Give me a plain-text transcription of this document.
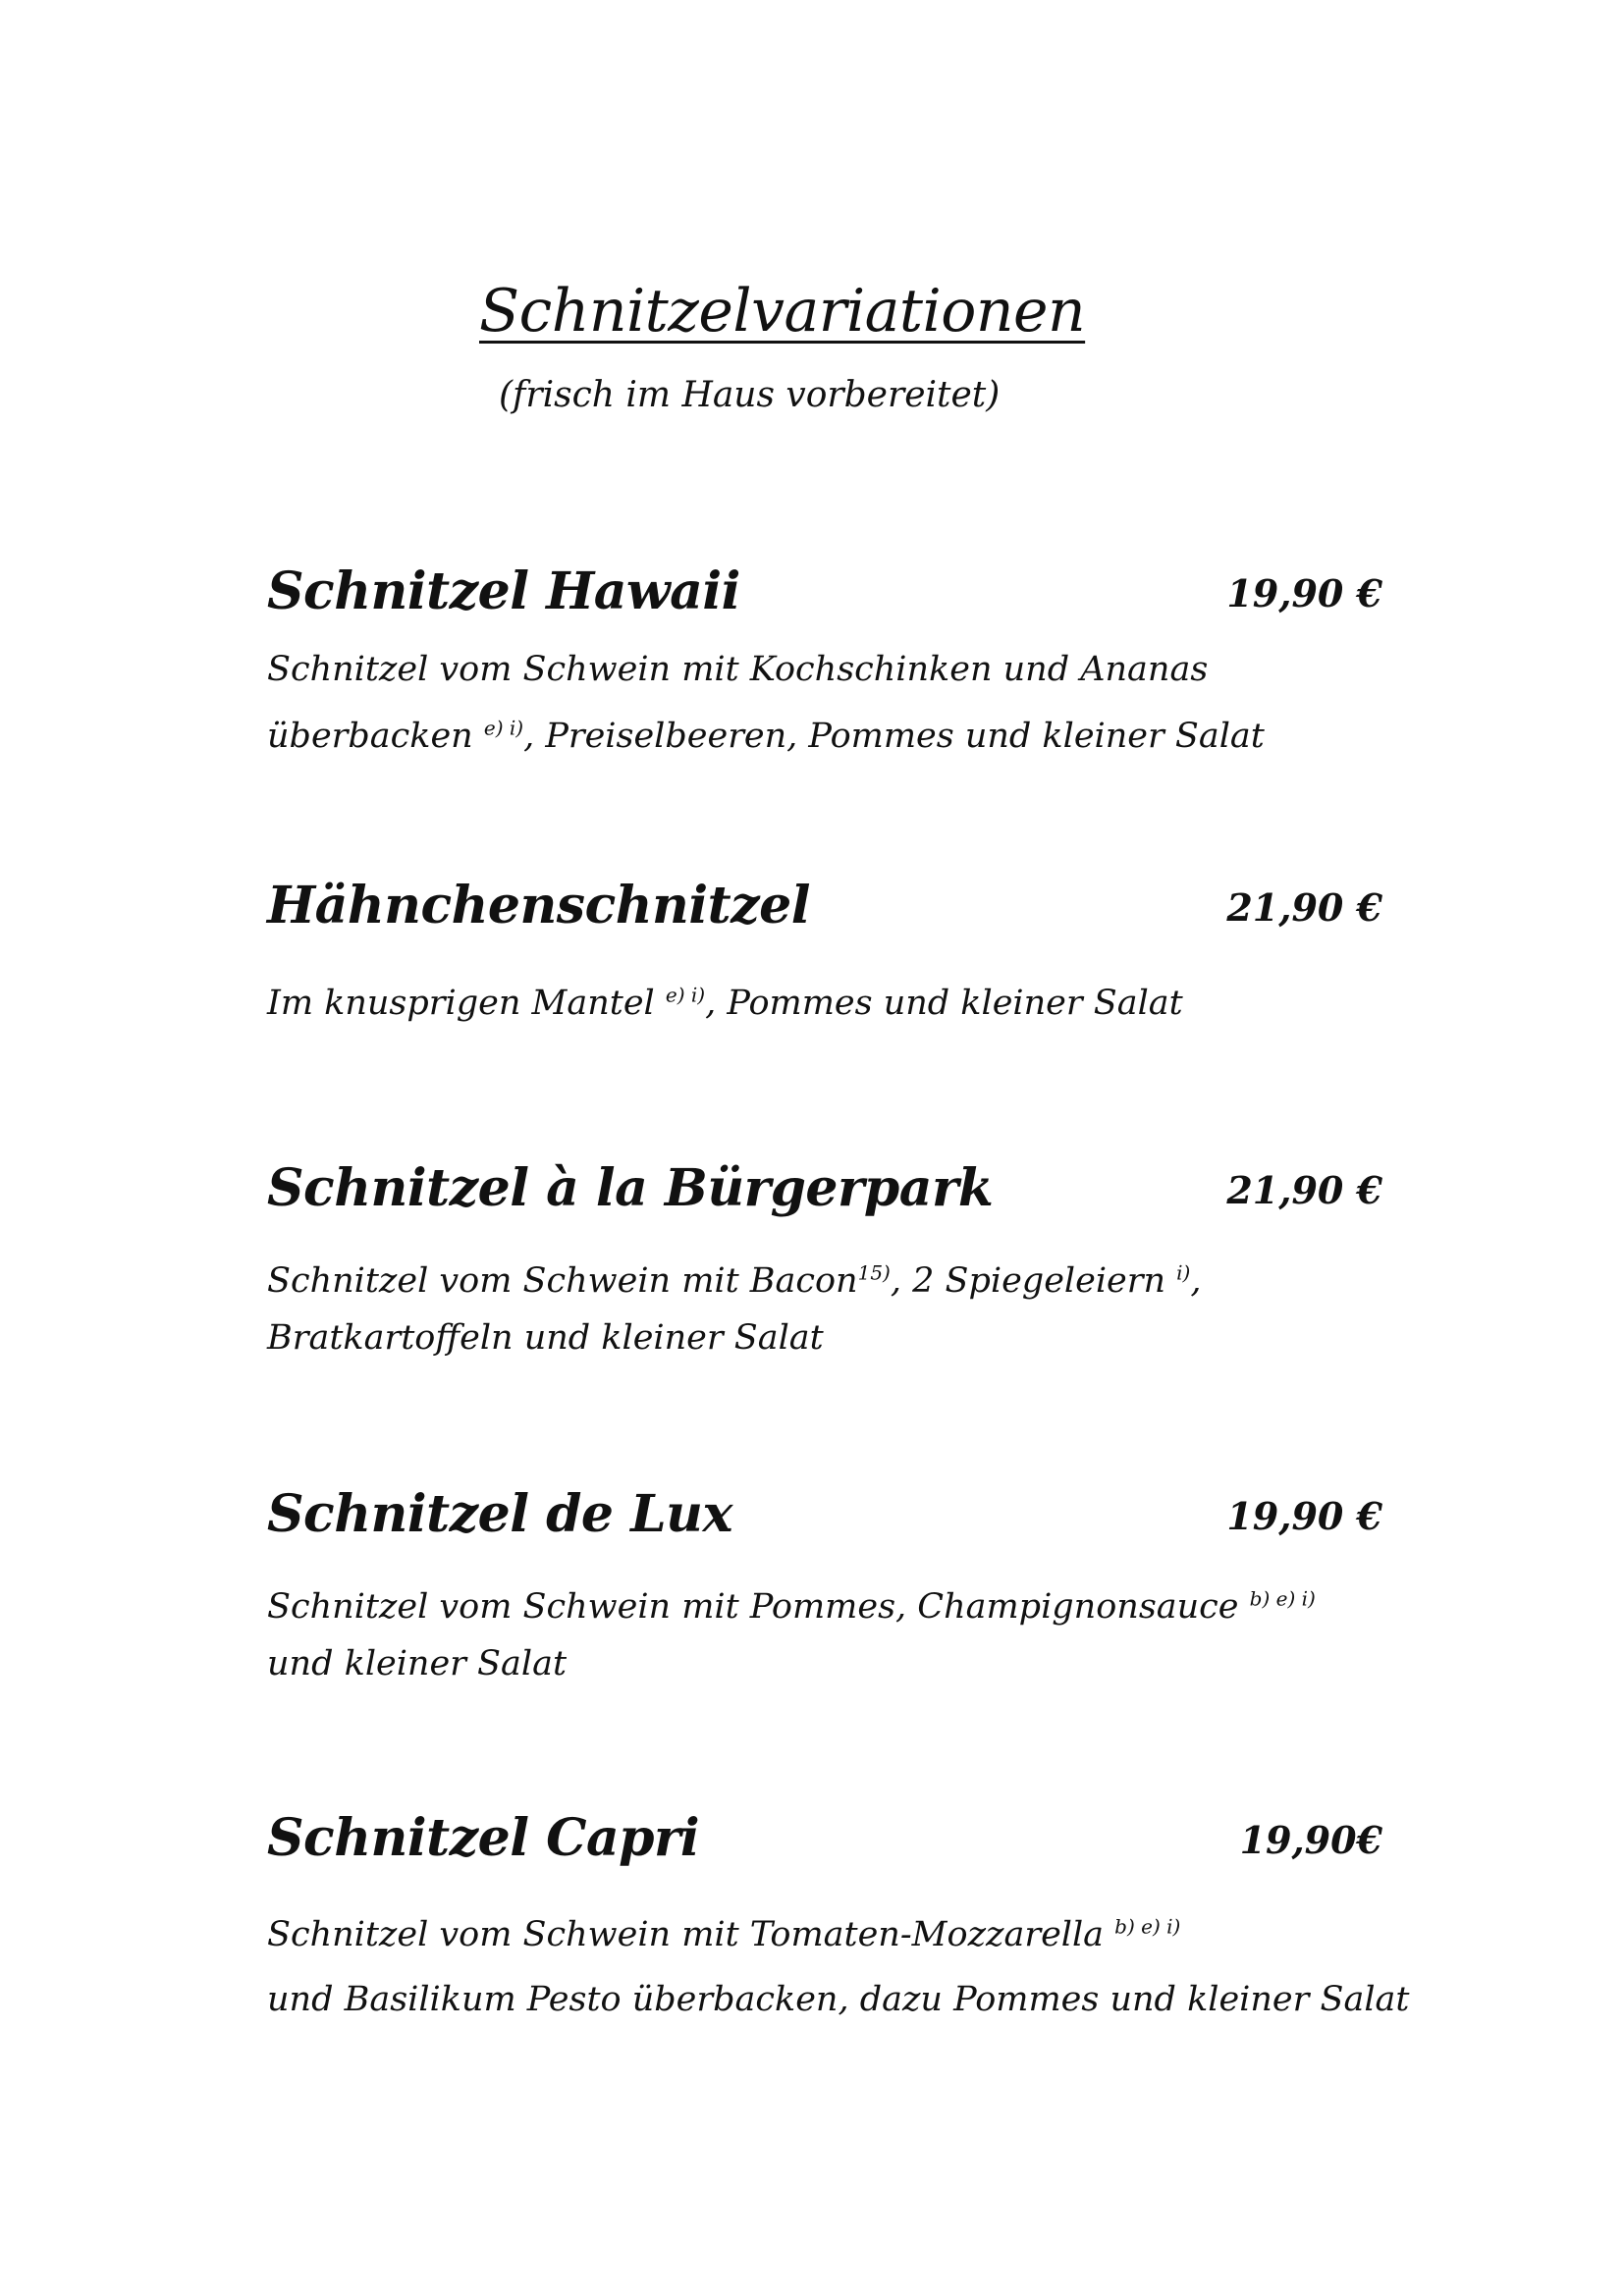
Schnitzelvariationen
(frisch im Haus vorbereitet)
Schnitzel Hawaii	19,90 €
Schnitzel vom Schwein mit Kochschinken und Ananas
überbacken $^{e) i)}$, Preiselbeeren, Pommes und kleiner Salat
Hähnchenschnitzel	21,90 €
Im knusprigen Mantel $^{e) i)}$, Pommes und kleiner Salat
Schnitzel à la Bürgerpark	21,90 €
Schnitzel vom Schwein mit Bacon$^{15)}$, 2 Spiegeleiern $^{i)}$,
Bratkartoffeln und kleiner Salat
Schnitzel de Lux	19,90 €
Schnitzel vom Schwein mit Pommes, Champignonsauce $^{b) e) i)}$
und kleiner Salat
Schnitzel Capri	19,90€
Schnitzel vom Schwein mit Tomaten-Mozzarella $^{b) e) i)}$
und Basilikum Pesto überbacken, dazu Pommes und kleiner Salat
